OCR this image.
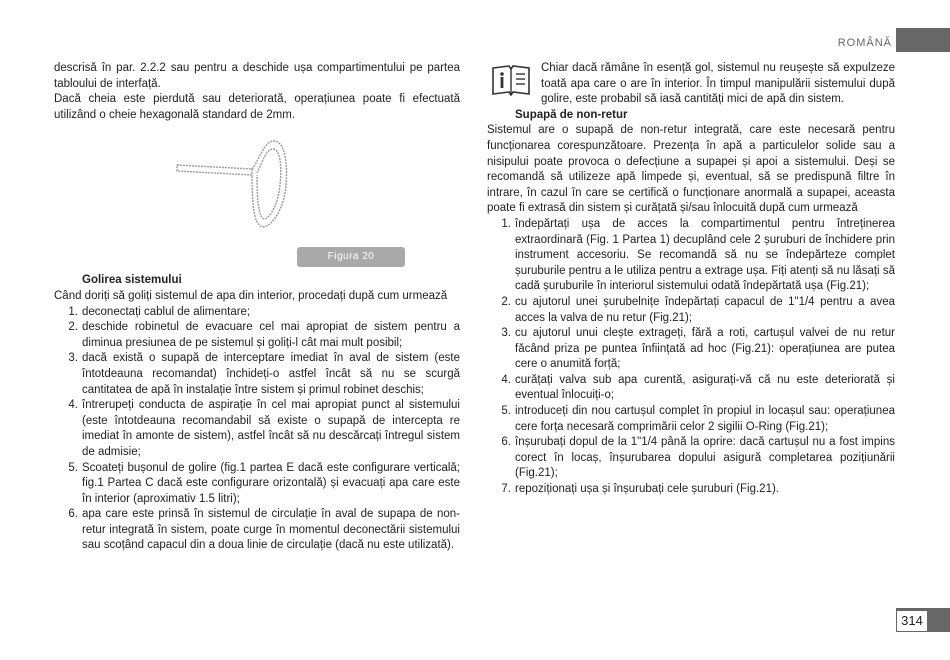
ROMÂNĂ

descrisă în par. 2.2.2 sau pentru a deschide ușa compartimentului pe partea tabloului de interfață.

Dacă cheia este pierdută sau deteriorată, operațiunea poate fi efectuată utilizând o cheie hexagonală standard de 2mm.

Figura 20

Golirea sistemului

Când doriți să goliți sistemul de apa din interior, procedați după cum urmează

1. deconectați cablul de alimentare;
2. deschide robinetul de evacuare cel mai apropiat de sistem pentru a diminua presiunea de pe sistemul și goliți-l cât mai mult posibil;
3. dacă există o supapă de interceptare imediat în aval de sistem (este întotdeauna recomandat) închideți-o astfel încât să nu se scurgă cantitatea de apă în instalație între sistem și primul robinet deschis;
4. întrerupeți conducta de aspirație în cel mai apropiat punct al sistemului (este întotdeauna recomandabil să existe o supapă de intercepta re imediat în amonte de sistem), astfel încât să nu descărcați întregul sistem de admisie;
5. Scoateți bușonul de golire (fig.1 partea E dacă este configurare verticală; fig.1 Partea C dacă este configurare orizontală) și evacuați apa care este în interior (aproximativ 1.5 litri);
6. apa care este prinsă în sistemul de circulație în aval de supapa de non-retur integrată în sistem, poate curge în momentul deconectării sistemului sau scoțând capacul din a doua linie de circulație (dacă nu este utilizată).

Chiar dacă rămâne în esență gol, sistemul nu reușește să expulzeze toată apa care o are în interior. În timpul manipulării sistemului după golire, este probabil să iasă cantități mici de apă din sistem.

Supapă de non-retur

Sistemul are o supapă de non-retur integrată, care este necesară pentru funcționarea corespunzătoare. Prezența în apă a particulelor solide sau a nisipului poate provoca o defecțiune a supapei și apoi a sistemului. Deși se recomandă să utilizeze apă limpede și, eventual, să se predispună filtre în intrare, în cazul în care se certifică o funcționare anormală a supapei, aceasta poate fi extrasă din sistem și curățată și/sau înlocuită după cum urmează

1. îndepărtați ușa de acces la compartimentul pentru întreținerea extraordinară (Fig. 1 Partea 1) decuplând cele 2 șuruburi de închidere prin instrument accesoriu. Se recomandă să nu se îndepărteze complet șuruburile pentru a le utiliza pentru a extrage ușa. Fiți atenți să nu lăsați să cadă șuruburile în interiorul sistemului odată îndepărtată ușa (Fig.21);
2. cu ajutorul unei șurubelnițe îndepărtați capacul de 1"1/4 pentru a avea acces la valva de nu retur (Fig.21);
3. cu ajutorul unui clește extrageți, fără a roti, cartușul valvei de nu retur făcând priza pe puntea înființată ad hoc (Fig.21): operațiunea are putea cere o anumită forță;
4. curățați valva sub apa curentă, asigurați-vă că nu este deteriorată și eventual înlocuiți-o;
5. introduceți din nou cartușul complet în propiul in locașul sau: operațiunea cere forța necesară comprimării celor 2 sigilii O-Ring (Fig.21);
6. înșurubați dopul de la 1"1/4 până la oprire: dacă cartușul nu a fost impins corect în locaș, înșurubarea dopului asigură completarea pozițiunării (Fig.21);
7. repoziționați ușa și înșurubați cele șuruburi (Fig.21).
314
